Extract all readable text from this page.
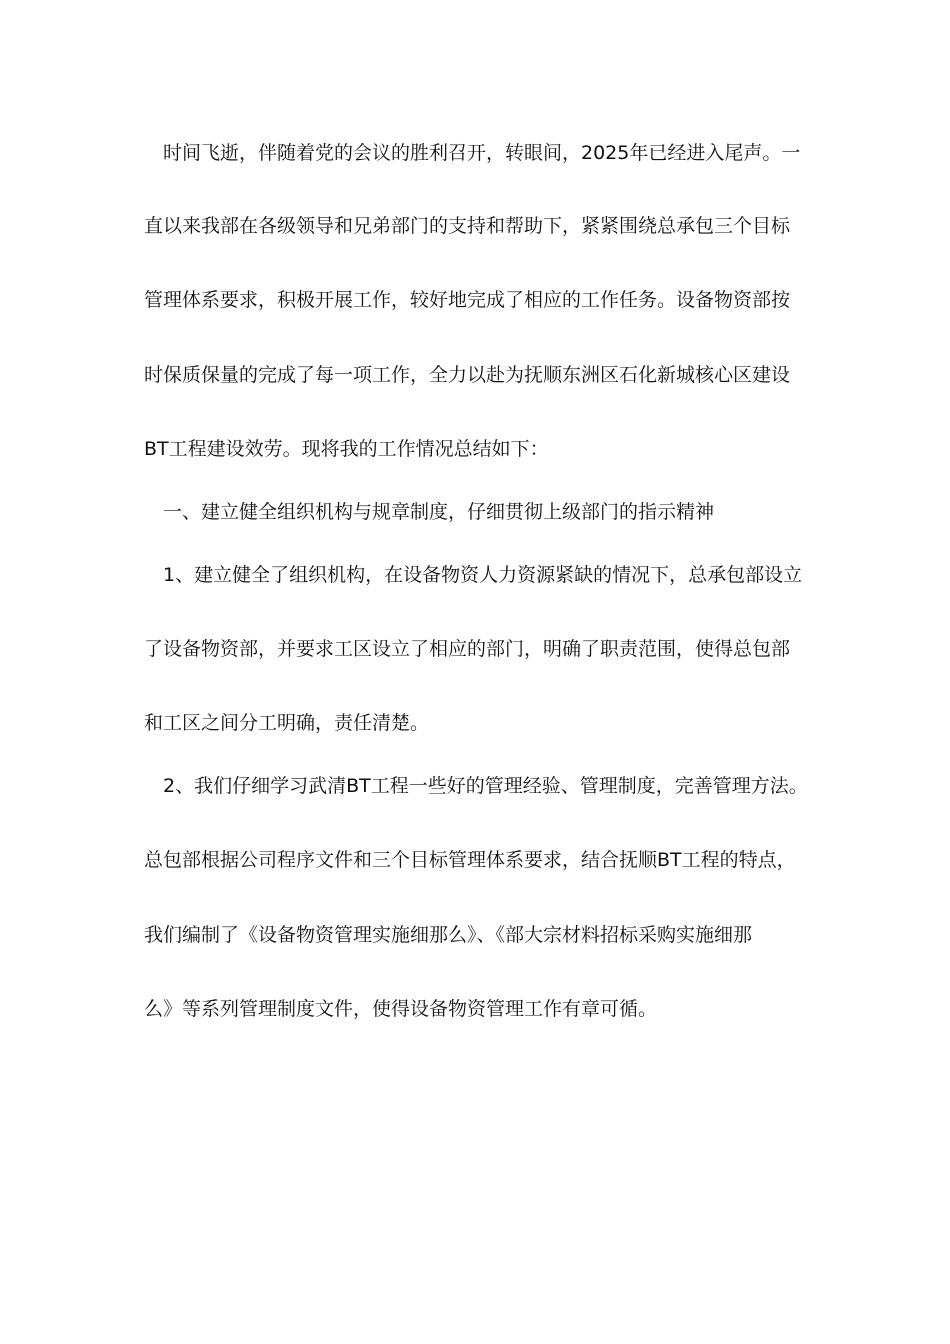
时间飞逝，伴随着党的会议的胜利召开，转眼间，2025年已经进入尾声。一
直以来我部在各级领导和兄弟部门的支持和帮助下，紧紧围绕总承包三个目标
管理体系要求，积极开展工作，较好地完成了相应的工作任务。设备物资部按
时保质保量的完成了每一项工作，全力以赴为抚顺东洲区石化新城核心区建设
BT工程建设效劳。现将我的工作情况总结如下：
一、建立健全组织机构与规章制度，仔细贯彻上级部门的指示精神
1、建立健全了组织机构，在设备物资人力资源紧缺的情况下，总承包部设立
了设备物资部，并要求工区设立了相应的部门，明确了职责范围，使得总包部
和工区之间分工明确，责任清楚。
2、我们仔细学习武清BT工程一些好的管理经验、管理制度，完善管理方法。
总包部根据公司程序文件和三个目标管理体系要求，结合抚顺BT工程的特点，
我们编制了《设备物资管理实施细那么》、《部大宗材料招标采购实施细那
么》等系列管理制度文件，使得设备物资管理工作有章可循。
